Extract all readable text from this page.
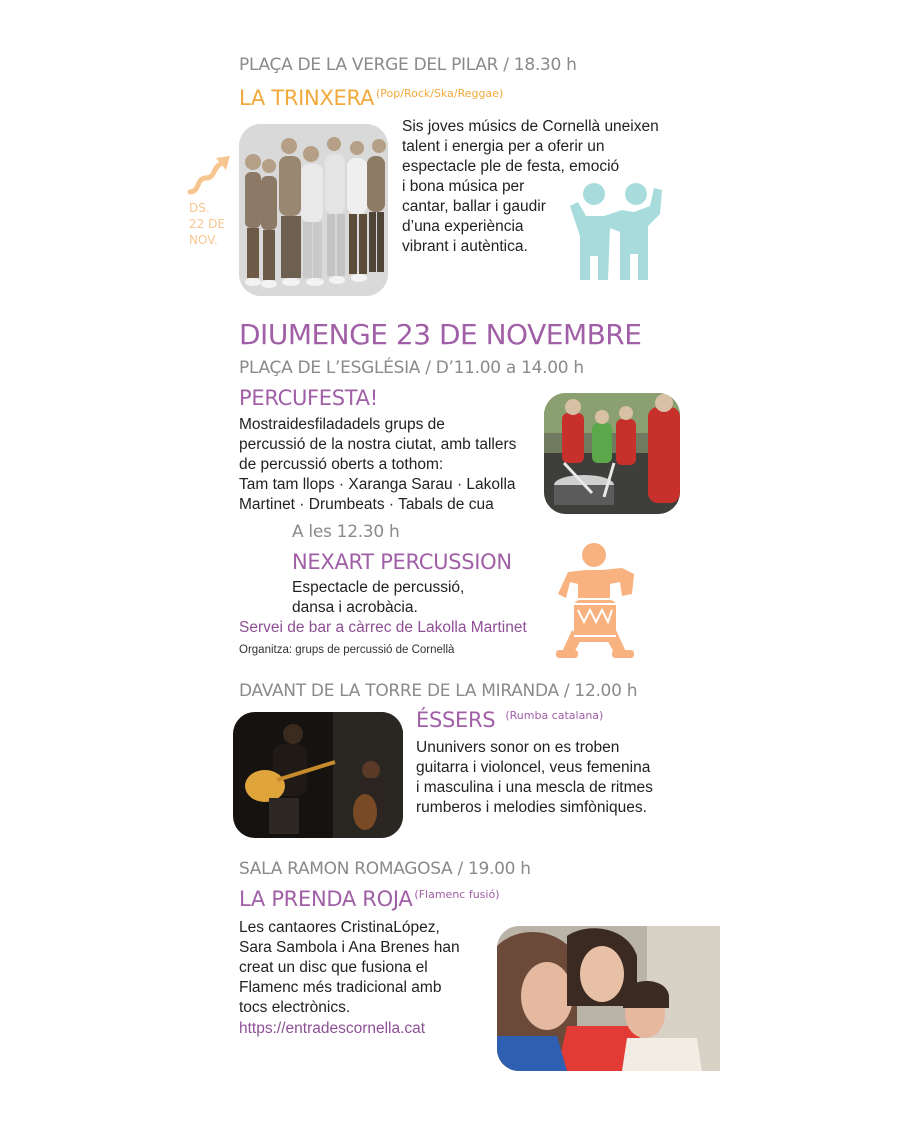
PLAÇA DE LA VERGE DEL PILAR / 18.30 h
LA TRINXERA $^{(Pop/Rock/Ska/Reggae)}$
DS.
22 DE
NOV.
Sis joves músics de Cornellà uneixen
talent i energia per a oferir un
espectacle ple de festa, emoció
i bona música per
cantar, ballar i gaudir
d’una experiència
vibrant i autèntica.
DIUMENGE 23 DE NOVEMBRE
PLAÇA DE L’ESGLÉSIA / D’11.00 a 14.00 h
PERCUFESTA!
Mostraidesfiladadels grups de
percussió de la nostra ciutat, amb tallers
de percussió oberts a tothom:
Tam tam llops · Xaranga Sarau · Lakolla
Martinet · Drumbeats · Tabals de cua
A les 12.30 h
NEXART PERCUSSION
Espectacle de percussió,
dansa i acrobàcia.
Servei de bar a càrrec de Lakolla Martinet
Organitza: grups de percussió de Cornellà
DAVANT DE LA TORRE DE LA MIRANDA / 12.00 h
ÉSSERS $^{(Rumba catalana)}$
Ununivers sonor on es troben
guitarra i violoncel, veus femenina
i masculina i una mescla de ritmes
rumberos i melodies simfòniques.
SALA RAMON ROMAGOSA / 19.00 h
LA PRENDA ROJA $^{(Flamenc fusió)}$
Les cantaores CristinaLópez,
Sara Sambola i Ana Brenes han
creat un disc que fusiona el
Flamenc més tradicional amb
tocs electrònics.
https://entradescornella.cat
